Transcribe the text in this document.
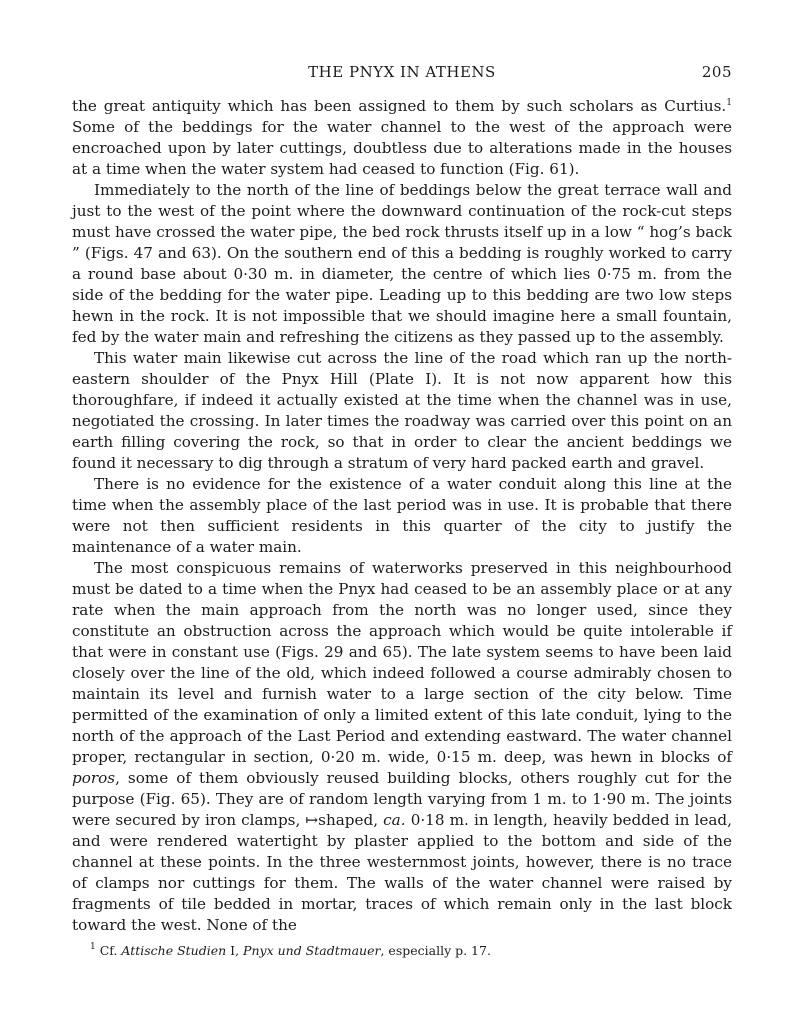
THE PNYX IN ATHENS	205

the great antiquity which has been assigned to them by such scholars as Curtius.$^1$ Some of the beddings for the water channel to the west of the approach were encroached upon by later cuttings, doubtless due to alterations made in the houses at a time when the water system had ceased to function (Fig. 61).

Immediately to the north of the line of beddings below the great terrace wall and just to the west of the point where the downward continuation of the rock-cut steps must have crossed the water pipe, the bed rock thrusts itself up in a low “ hog’s back ” (Figs. 47 and 63). On the southern end of this a bedding is roughly worked to carry a round base about 0·30 m. in diameter, the centre of which lies 0·75 m. from the side of the bedding for the water pipe. Leading up to this bedding are two low steps hewn in the rock. It is not impossible that we should imagine here a small fountain, fed by the water main and refreshing the citizens as they passed up to the assembly.

This water main likewise cut across the line of the road which ran up the north-eastern shoulder of the Pnyx Hill (Plate I). It is not now apparent how this thoroughfare, if indeed it actually existed at the time when the channel was in use, negotiated the crossing. In later times the roadway was carried over this point on an earth filling covering the rock, so that in order to clear the ancient beddings we found it necessary to dig through a stratum of very hard packed earth and gravel.

There is no evidence for the existence of a water conduit along this line at the time when the assembly place of the last period was in use. It is probable that there were not then sufficient residents in this quarter of the city to justify the maintenance of a water main.

The most conspicuous remains of waterworks preserved in this neighbourhood must be dated to a time when the Pnyx had ceased to be an assembly place or at any rate when the main approach from the north was no longer used, since they constitute an obstruction across the approach which would be quite intolerable if that were in constant use (Figs. 29 and 65). The late system seems to have been laid closely over the line of the old, which indeed followed a course admirably chosen to maintain its level and furnish water to a large section of the city below. Time permitted of the examination of only a limited extent of this late conduit, lying to the north of the approach of the Last Period and extending eastward. The water channel proper, rectangular in section, 0·20 m. wide, 0·15 m. deep, was hewn in blocks of poros, some of them obviously reused building blocks, others roughly cut for the purpose (Fig. 65). They are of random length varying from 1 m. to 1·90 m. The joints were secured by iron clamps, ↦shaped, ca. 0·18 m. in length, heavily bedded in lead, and were rendered watertight by plaster applied to the bottom and side of the channel at these points. In the three westernmost joints, however, there is no trace of clamps nor cuttings for them. The walls of the water channel were raised by fragments of tile bedded in mortar, traces of which remain only in the last block toward the west. None of the

$^1$ Cf. Attische Studien I, Pnyx und Stadtmauer, especially p. 17.
